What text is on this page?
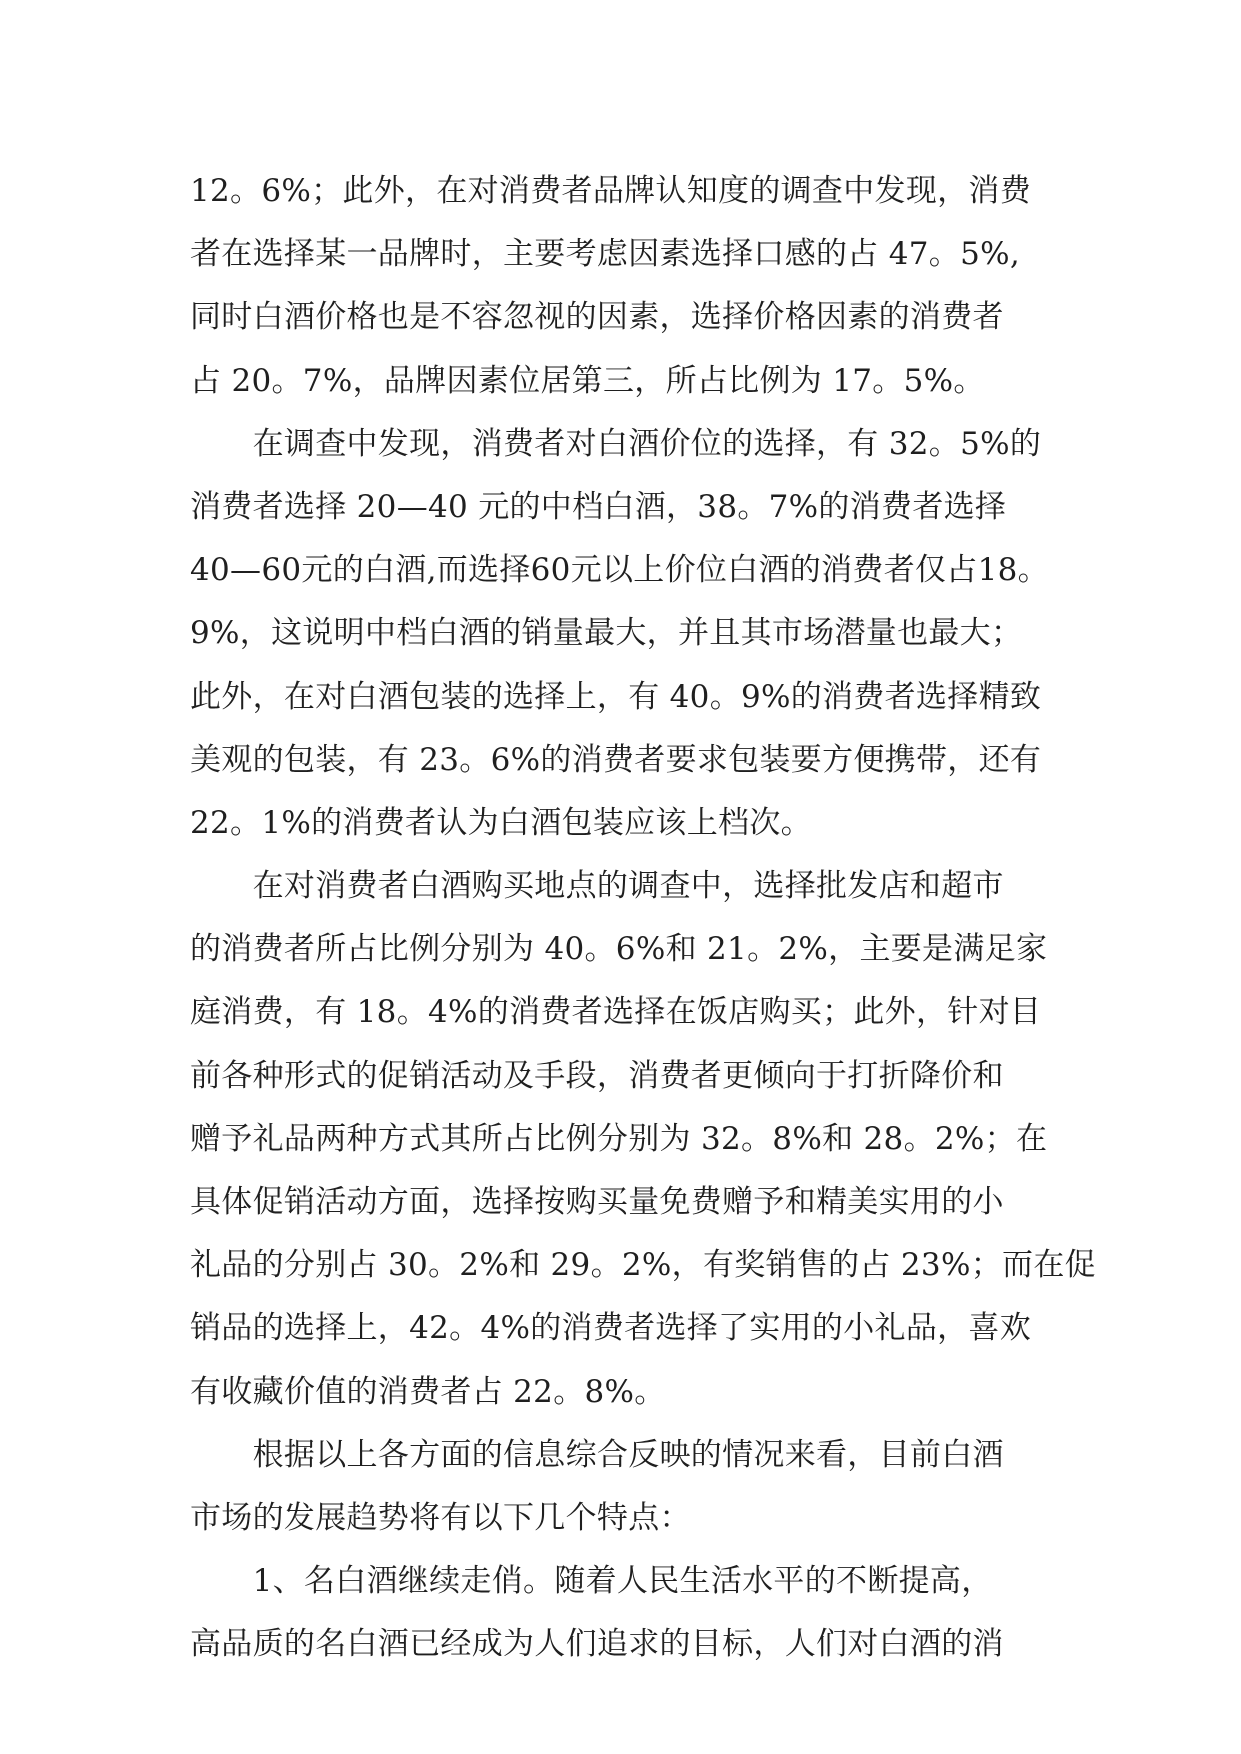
12。6%；此外，在对消费者品牌认知度的调查中发现，消费
者在选择某一品牌时，主要考虑因素选择口感的占 47。5%,
同时白酒价格也是不容忽视的因素，选择价格因素的消费者
占 20。7%，品牌因素位居第三，所占比例为 17。5%。
　　在调查中发现，消费者对白酒价位的选择，有 32。5%的
消费者选择 20—40 元的中档白酒，38。7%的消费者选择
40—60元的白酒,而选择60元以上价位白酒的消费者仅占18。
9%，这说明中档白酒的销量最大，并且其市场潜量也最大；
此外，在对白酒包装的选择上，有 40。9%的消费者选择精致
美观的包装，有 23。6%的消费者要求包装要方便携带，还有
22。1%的消费者认为白酒包装应该上档次。
　　在对消费者白酒购买地点的调查中，选择批发店和超市
的消费者所占比例分别为 40。6%和 21。2%，主要是满足家
庭消费，有 18。4%的消费者选择在饭店购买；此外，针对目
前各种形式的促销活动及手段，消费者更倾向于打折降价和
赠予礼品两种方式其所占比例分别为 32。8%和 28。2%；在
具体促销活动方面，选择按购买量免费赠予和精美实用的小
礼品的分别占 30。2%和 29。2%，有奖销售的占 23%；而在促
销品的选择上，42。4%的消费者选择了实用的小礼品，喜欢
有收藏价值的消费者占 22。8%。
　　根据以上各方面的信息综合反映的情况来看，目前白酒
市场的发展趋势将有以下几个特点：
　　1、名白酒继续走俏。随着人民生活水平的不断提高，
高品质的名白酒已经成为人们追求的目标，人们对白酒的消
